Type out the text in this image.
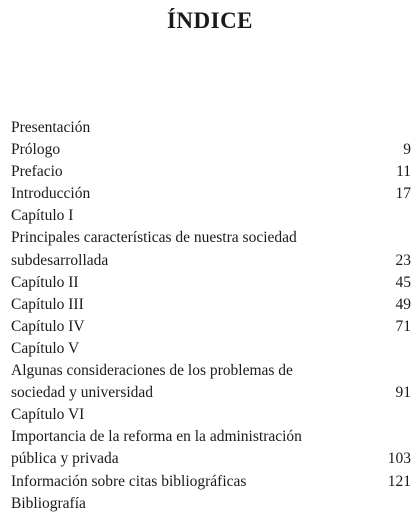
ÍNDICE
Presentación
Prólogo	9
Prefacio	11
Introducción	17
Capítulo I
Principales características de nuestra sociedad
subdesarrollada	23
Capítulo II	45
Capítulo III	49
Capítulo IV	71
Capítulo V
Algunas consideraciones de los problemas de
sociedad y universidad	91
Capítulo VI
Importancia de la reforma en la administración
pública y privada	103
Información sobre citas bibliográficas	121
Bibliografía
